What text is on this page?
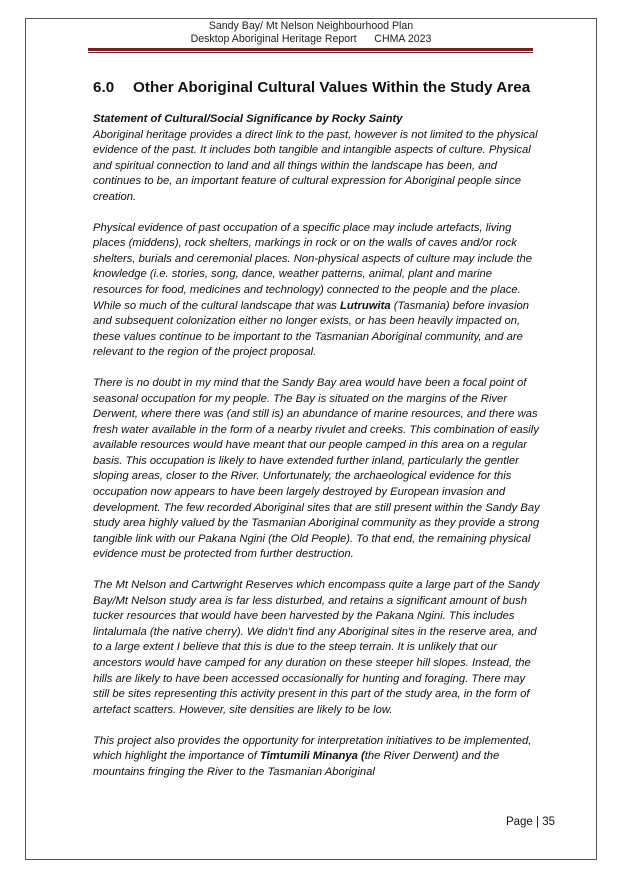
Sandy Bay/ Mt Nelson Neighbourhood Plan
Desktop Aboriginal Heritage Report CHMA 2023
6.0 Other Aboriginal Cultural Values Within the Study Area

Statement of Cultural/Social Significance by Rocky Sainty

Aboriginal heritage provides a direct link to the past, however is not limited to the physical evidence of the past. It includes both tangible and intangible aspects of culture. Physical and spiritual connection to land and all things within the landscape has been, and continues to be, an important feature of cultural expression for Aboriginal people since creation.

Physical evidence of past occupation of a specific place may include artefacts, living places (middens), rock shelters, markings in rock or on the walls of caves and/or rock shelters, burials and ceremonial places. Non-physical aspects of culture may include the knowledge (i.e. stories, song, dance, weather patterns, animal, plant and marine resources for food, medicines and technology) connected to the people and the place. While so much of the cultural landscape that was Lutruwita (Tasmania) before invasion and subsequent colonization either no longer exists, or has been heavily impacted on, these values continue to be important to the Tasmanian Aboriginal community, and are relevant to the region of the project proposal.

There is no doubt in my mind that the Sandy Bay area would have been a focal point of seasonal occupation for my people. The Bay is situated on the margins of the River Derwent, where there was (and still is) an abundance of marine resources, and there was fresh water available in the form of a nearby rivulet and creeks. This combination of easily available resources would have meant that our people camped in this area on a regular basis. This occupation is likely to have extended further inland, particularly the gentler sloping areas, closer to the River. Unfortunately, the archaeological evidence for this occupation now appears to have been largely destroyed by European invasion and development. The few recorded Aboriginal sites that are still present within the Sandy Bay study area highly valued by the Tasmanian Aboriginal community as they provide a strong tangible link with our Pakana Ngini (the Old People). To that end, the remaining physical evidence must be protected from further destruction.

The Mt Nelson and Cartwright Reserves which encompass quite a large part of the Sandy Bay/Mt Nelson study area is far less disturbed, and retains a significant amount of bush tucker resources that would have been harvested by the Pakana Ngini. This includes lintalumala (the native cherry). We didn't find any Aboriginal sites in the reserve area, and to a large extent I believe that this is due to the steep terrain. It is unlikely that our ancestors would have camped for any duration on these steeper hill slopes. Instead, the hills are likely to have been accessed occasionally for hunting and foraging. There may still be sites representing this activity present in this part of the study area, in the form of artefact scatters. However, site densities are likely to be low.

This project also provides the opportunity for interpretation initiatives to be implemented, which highlight the importance of Timtumili Minanya (the River Derwent) and the mountains fringing the River to the Tasmanian Aboriginal

Page | 35
